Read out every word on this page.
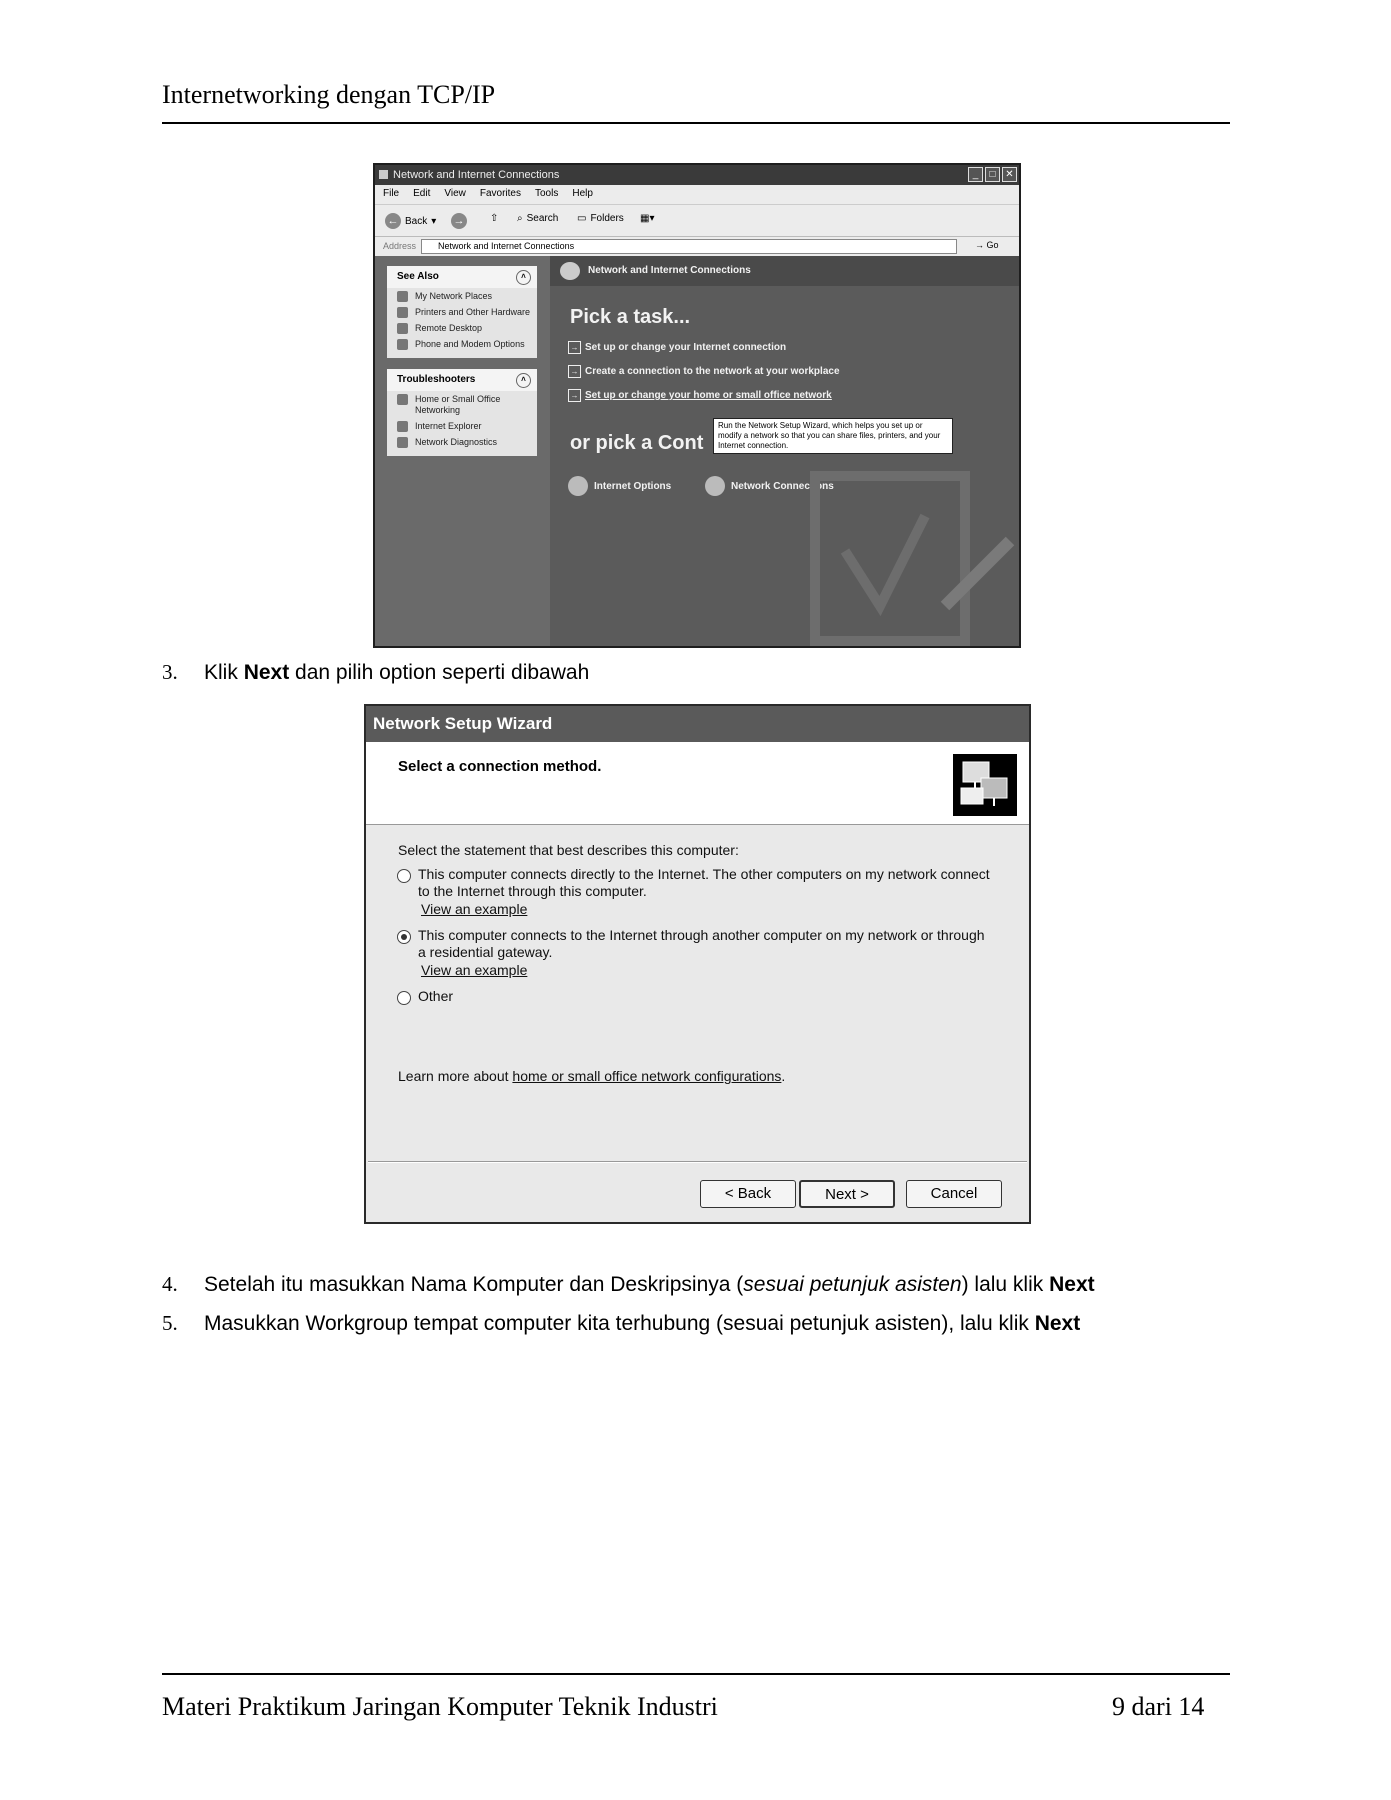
Internetworking dengan TCP/IP
Network and Internet Connections	_	□ ✕
File Edit View Favorites Tools Help
← Back ▾ →	⇧ ⌕ Search ▭ Folders ▦▾
Address	Network and Internet Connections	→ Go
See Also	˄
My Network Places
Printers and Other Hardware
Remote Desktop
Phone and Modem Options
Troubleshooters	˄
Home or Small Office Networking
Internet Explorer
Network Diagnostics
Network and Internet Connections
Pick a task...
→ Set up or change your Internet connection
→ Create a connection to the network at your workplace
→ Set up or change your home or small office network
or pick a Cont
Internet Options	Network Connections
Run the Network Setup Wizard, which helps you set up or modify a network so that you can share files, printers, and your Internet connection.
3. Klik Next dan pilih option seperti dibawah
Network Setup Wizard
Select a connection method.
Select the statement that best describes this computer:
This computer connects directly to the Internet. The other computers on my network connect
to the Internet through this computer.
View an example
This computer connects to the Internet through another computer on my network or through
a residential gateway.
View an example
Other
Learn more about home or small office network configurations.
< Back	Next >	Cancel
4. Setelah itu masukkan Nama Komputer dan Deskripsinya (sesuai petunjuk asisten) lalu klik Next
5. Masukkan Workgroup tempat computer kita terhubung (sesuai petunjuk asisten), lalu klik Next
Materi Praktikum Jaringan Komputer Teknik Industri	9 dari 14
